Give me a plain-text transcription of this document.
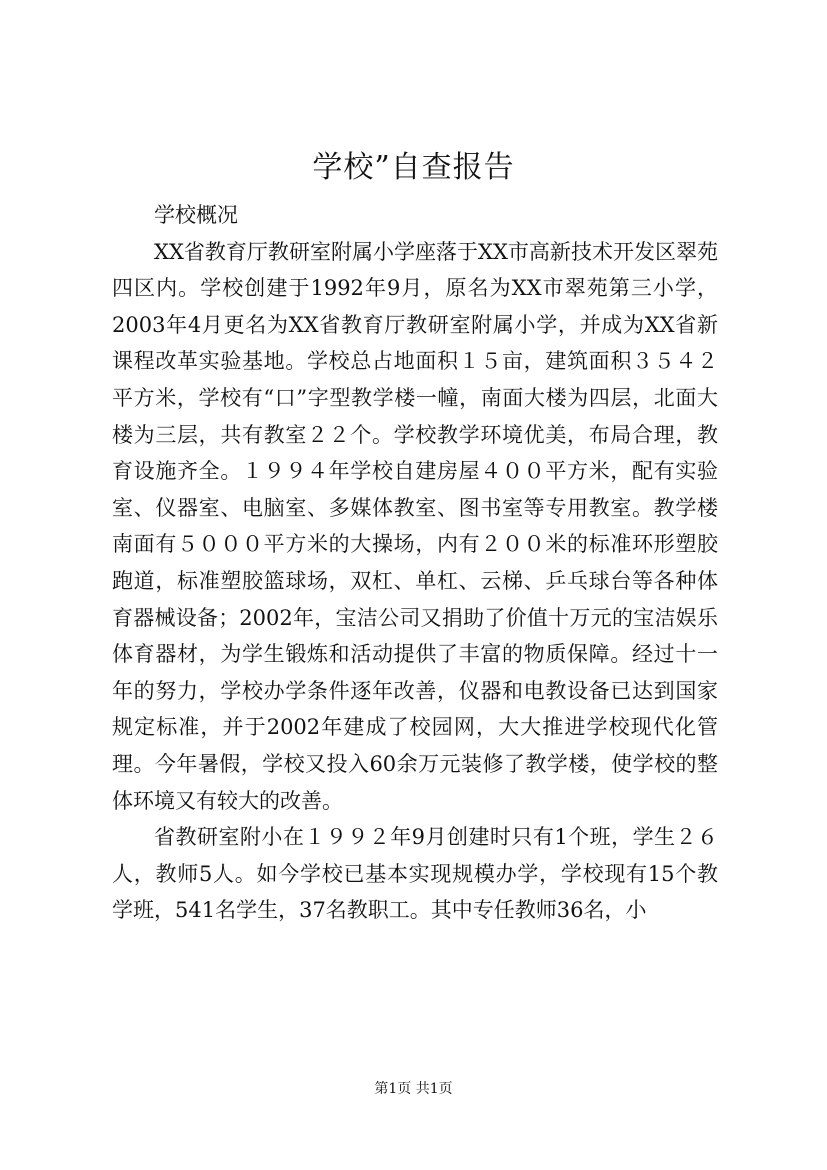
学校”自查报告

学校概况

XX省教育厅教研室附属小学座落于XX市高新技术开发区翠苑四区内。学校创建于1992年9月，原名为XX市翠苑第三小学，2003年4月更名为XX省教育厅教研室附属小学，并成为XX省新课程改革实验基地。学校总占地面积１５亩，建筑面积３５４２平方米，学校有“口”字型教学楼一幢，南面大楼为四层，北面大楼为三层，共有教室２２个。学校教学环境优美，布局合理，教育设施齐全。１９９４年学校自建房屋４００平方米，配有实验室、仪器室、电脑室、多媒体教室、图书室等专用教室。教学楼南面有５０００平方米的大操场，内有２００米的标准环形塑胶跑道，标准塑胶篮球场，双杠、单杠、云梯、乒乓球台等各种体育器械设备；2002年，宝洁公司又捐助了价值十万元的宝洁娱乐体育器材，为学生锻炼和活动提供了丰富的物质保障。经过十一年的努力，学校办学条件逐年改善，仪器和电教设备已达到国家规定标准，并于2002年建成了校园网，大大推进学校现代化管理。今年暑假，学校又投入60余万元装修了教学楼，使学校的整体环境又有较大的改善。

省教研室附小在１９９２年9月创建时只有1个班，学生２６人，教师5人。如今学校已基本实现规模办学，学校现有15个教学班，541名学生，37名教职工。其中专任教师36名，小

第1页 共1页
